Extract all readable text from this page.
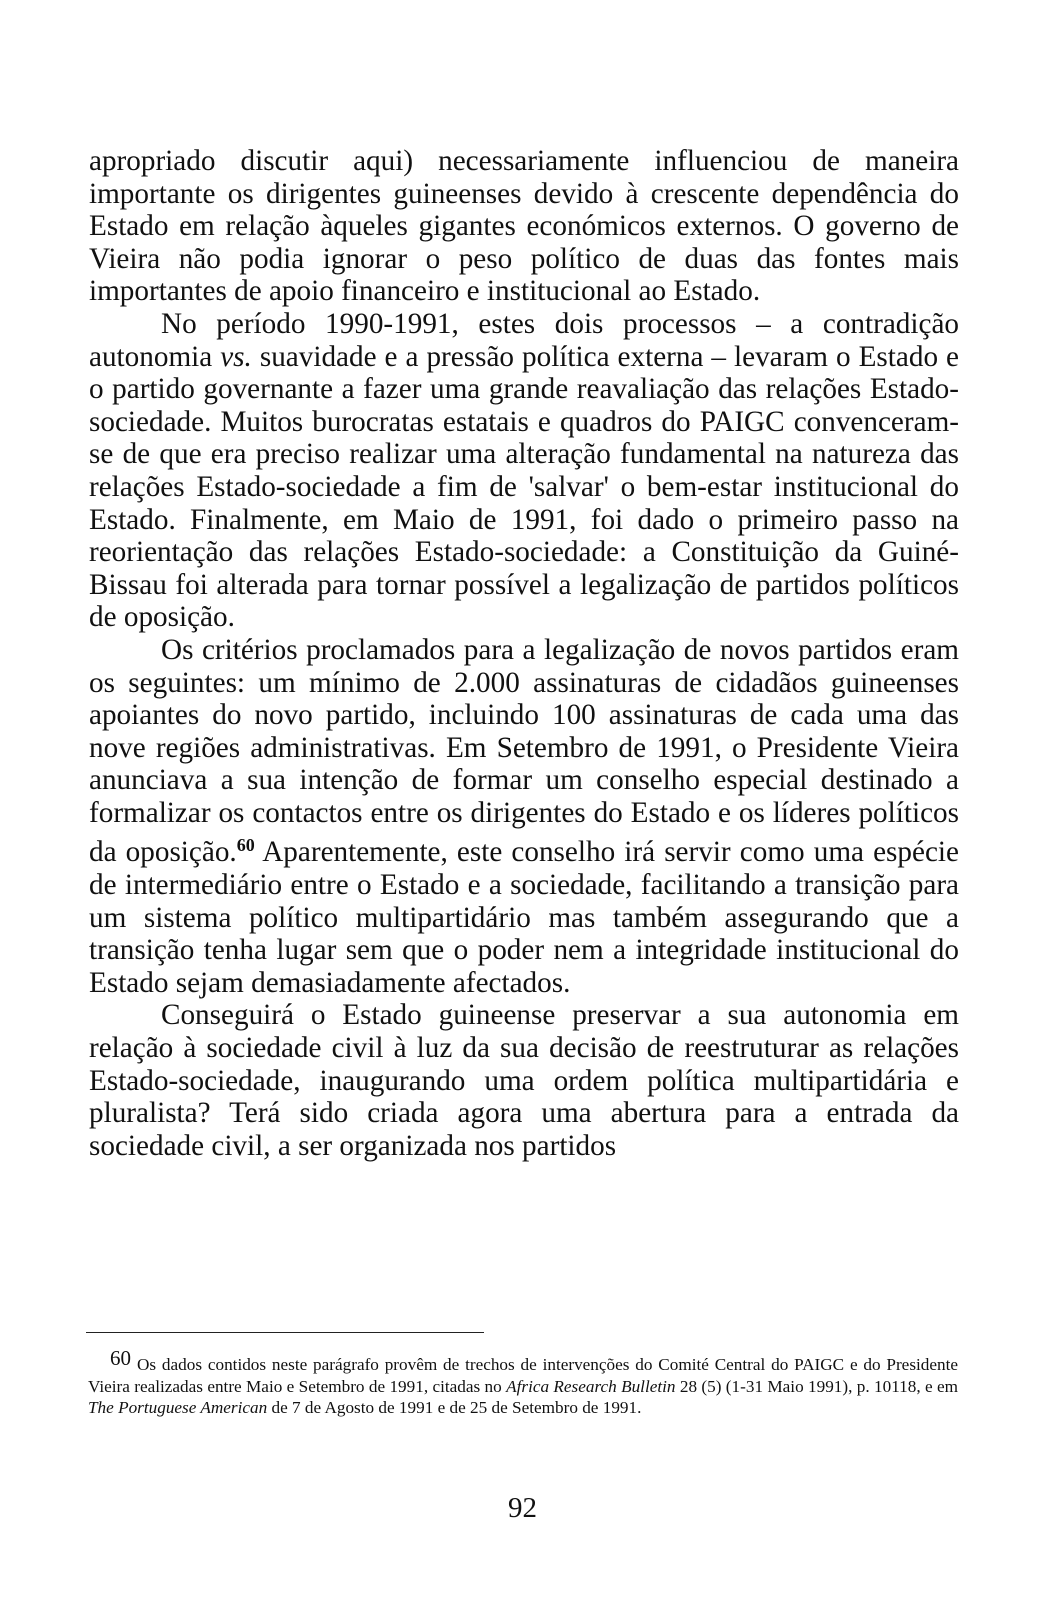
apropriado discutir aqui) necessariamente influenciou de maneira importante os dirigentes guineenses devido à crescente dependência do Estado em relação àqueles gigantes económicos externos. O governo de Vieira não podia ignorar o peso político de duas das fontes mais importantes de apoio financeiro e institucional ao Estado.

No período 1990-1991, estes dois processos – a contradição autonomia vs. suavidade e a pressão política externa – levaram o Estado e o partido governante a fazer uma grande reavaliação das relações Estado-sociedade. Muitos burocratas estatais e quadros do PAIGC convenceram-se de que era preciso realizar uma alteração fundamental na natureza das relações Estado-sociedade a fim de 'salvar' o bem-estar institucional do Estado. Finalmente, em Maio de 1991, foi dado o primeiro passo na reorientação das relações Estado-sociedade: a Constituição da Guiné-Bissau foi alterada para tornar possível a legalização de partidos políticos de oposição.

Os critérios proclamados para a legalização de novos partidos eram os seguintes: um mínimo de 2.000 assinaturas de cidadãos guineenses apoiantes do novo partido, incluindo 100 assinaturas de cada uma das nove regiões administrativas. Em Setembro de 1991, o Presidente Vieira anunciava a sua intenção de formar um conselho especial destinado a formalizar os contactos entre os dirigentes do Estado e os líderes políticos da oposição.$^{60}$ Aparentemente, este conselho irá servir como uma espécie de intermediário entre o Estado e a sociedade, facilitando a transição para um sistema político multipartidário mas também assegurando que a transição tenha lugar sem que o poder nem a integridade institucional do Estado sejam demasiadamente afectados.

Conseguirá o Estado guineense preservar a sua autonomia em relação à sociedade civil à luz da sua decisão de reestruturar as relações Estado-sociedade, inaugurando uma ordem política multipartidária e pluralista? Terá sido criada agora uma abertura para a entrada da sociedade civil, a ser organizada nos partidos

60 Os dados contidos neste parágrafo provêm de trechos de intervenções do Comité Central do PAIGC e do Presidente Vieira realizadas entre Maio e Setembro de 1991, citadas no Africa Research Bulletin 28 (5) (1-31 Maio 1991), p. 10118, e em The Portuguese American de 7 de Agosto de 1991 e de 25 de Setembro de 1991.
92
